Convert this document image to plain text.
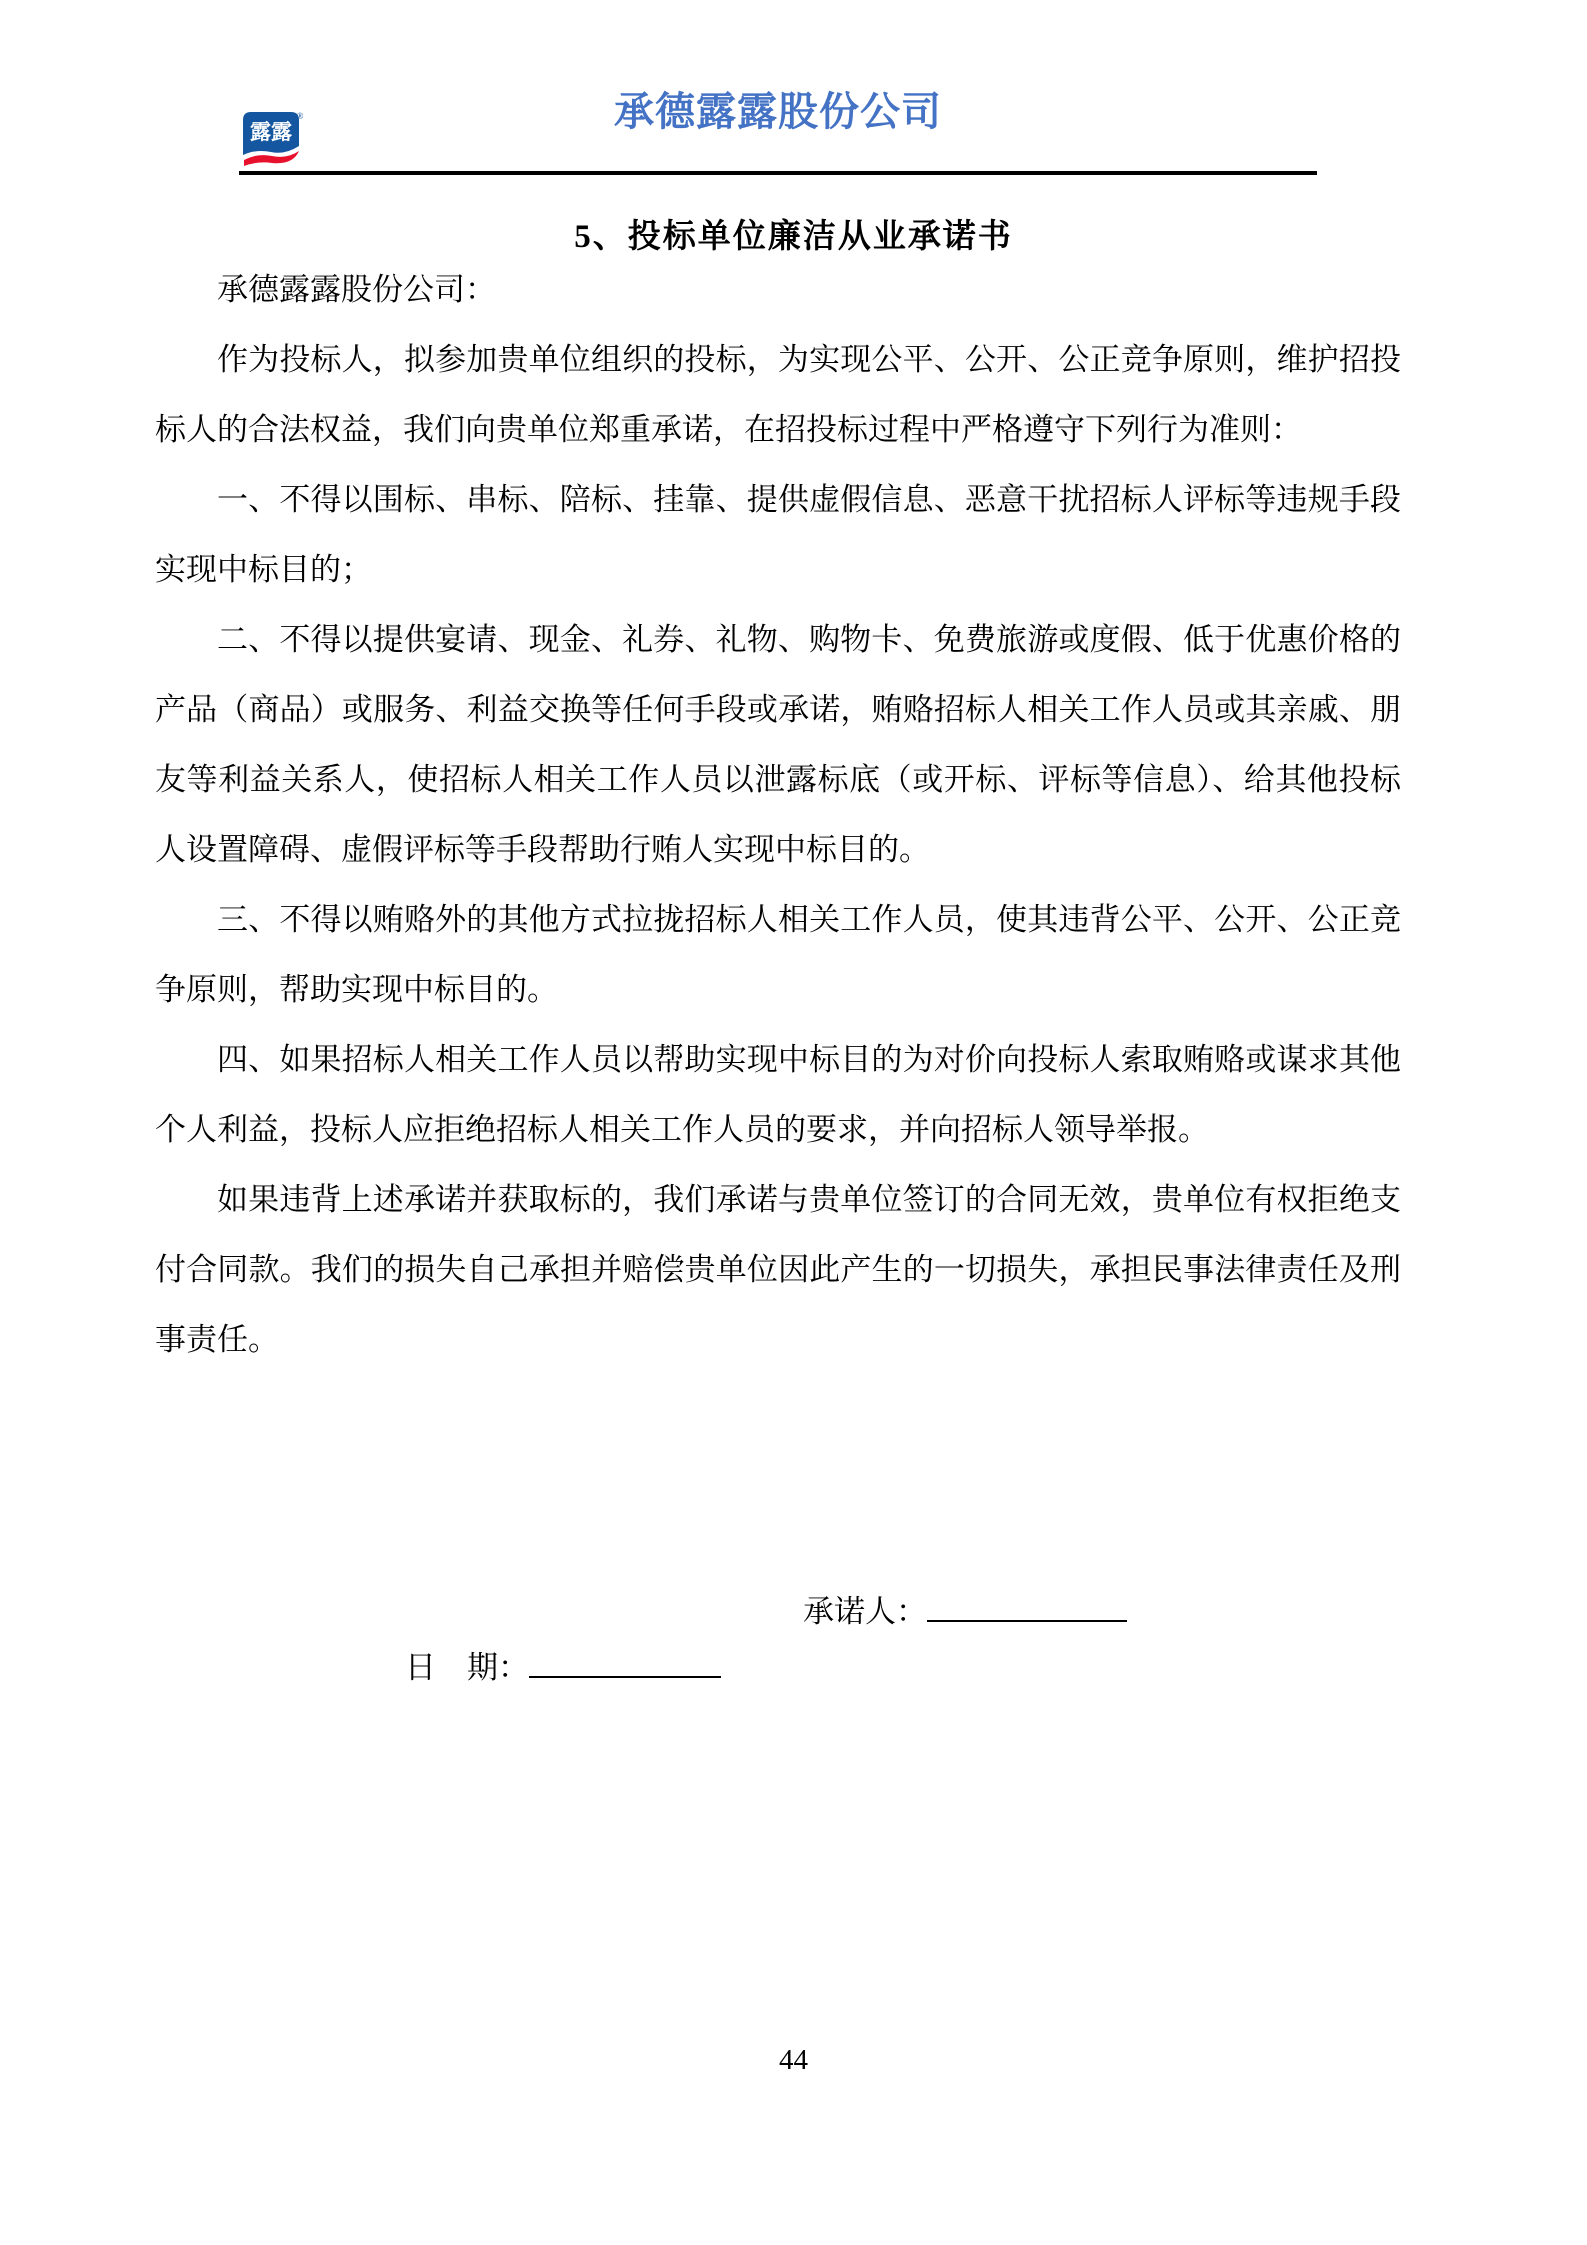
露露
®	承德露露股份公司
5、投标单位廉洁从业承诺书

承德露露股份公司：

作为投标人，拟参加贵单位组织的投标，为实现公平、公开、公正竞争原则，维护招投标人的合法权益，我们向贵单位郑重承诺，在招投标过程中严格遵守下列行为准则：

一、不得以围标、串标、陪标、挂靠、提供虚假信息、恶意干扰招标人评标等违规手段实现中标目的；

二、不得以提供宴请、现金、礼券、礼物、购物卡、免费旅游或度假、低于优惠价格的产品（商品）或服务、利益交换等任何手段或承诺，贿赂招标人相关工作人员或其亲戚、朋友等利益关系人，使招标人相关工作人员以泄露标底（或开标、评标等信息）、给其他投标人设置障碍、虚假评标等手段帮助行贿人实现中标目的。

三、不得以贿赂外的其他方式拉拢招标人相关工作人员，使其违背公平、公开、公正竞争原则，帮助实现中标目的。

四、如果招标人相关工作人员以帮助实现中标目的为对价向投标人索取贿赂或谋求其他个人利益，投标人应拒绝招标人相关工作人员的要求，并向招标人领导举报。

如果违背上述承诺并获取标的，我们承诺与贵单位签订的合同无效，贵单位有权拒绝支付合同款。我们的损失自己承担并赔偿贵单位因此产生的一切损失，承担民事法律责任及刑事责任。

承诺人：
日　期：
44
